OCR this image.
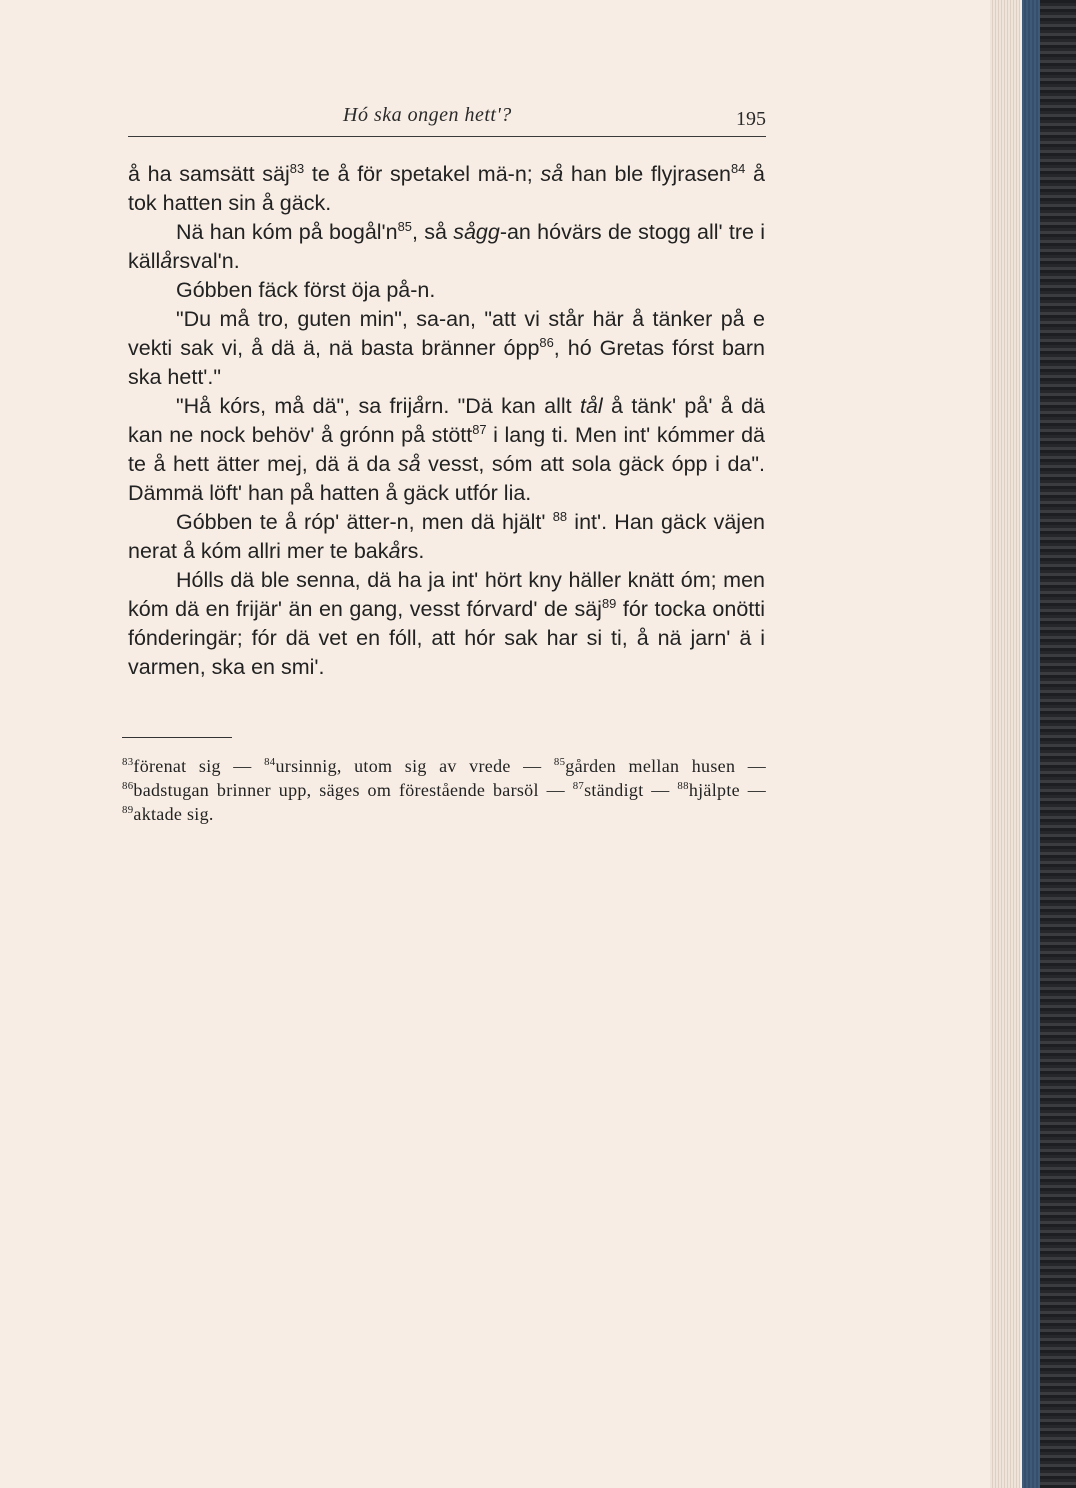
Hó ska ongen hett'?	195

å ha samsätt säj$^{83}$ te å för spetakel mä-n; så han ble flyjrasen$^{84}$ å tok hatten sin å gäck.

Nä han kóm på $bogål'n^{85}$, så sågg-an hóvärs de stogg all' tre i källårsval'n.

Góbben fäck först öja på-n.

"Du må tro, guten min", sa-an, "att vi står här å tänker på e vekti sak vi, å dä ä, nä basta bränner ópp$^{86}$, hó Gretas fórst barn ska hett'."

"Hå kórs, må dä", sa frijårn. "Dä kan allt tål å tänk' på' å dä kan ne nock behöv' å grónn på stött$^{87}$ i lang ti. Men int' kómmer dä te å hett ätter mej, dä ä da så vesst, sóm att sola gäck ópp i da". Dämmä löft' han på hatten å gäck utfór lia.

Góbben te å róp' ätter-n, men dä hjält' $^{88}$ int'. Han gäck väjen nerat å kóm allri mer te bakårs.

Hólls dä ble senna, dä ha ja int' hört kny häller knätt óm; men kóm dä en frijär' än en gang, vesst fórvard' de säj$^{89}$ fór tocka onötti fónderingär; fór dä vet en fóll, att hór sak har si ti, å nä jarn' ä i varmen, ska en smi'.

$^{83}$förenat sig — $^{84}$ursinnig, utom sig av vrede — $^{85}$gården mellan husen — $^{86}$badstugan brinner upp, säges om förestående barsöl — $^{87}$ständigt — $^{88}$hjälpte — $^{89}$aktade sig.
